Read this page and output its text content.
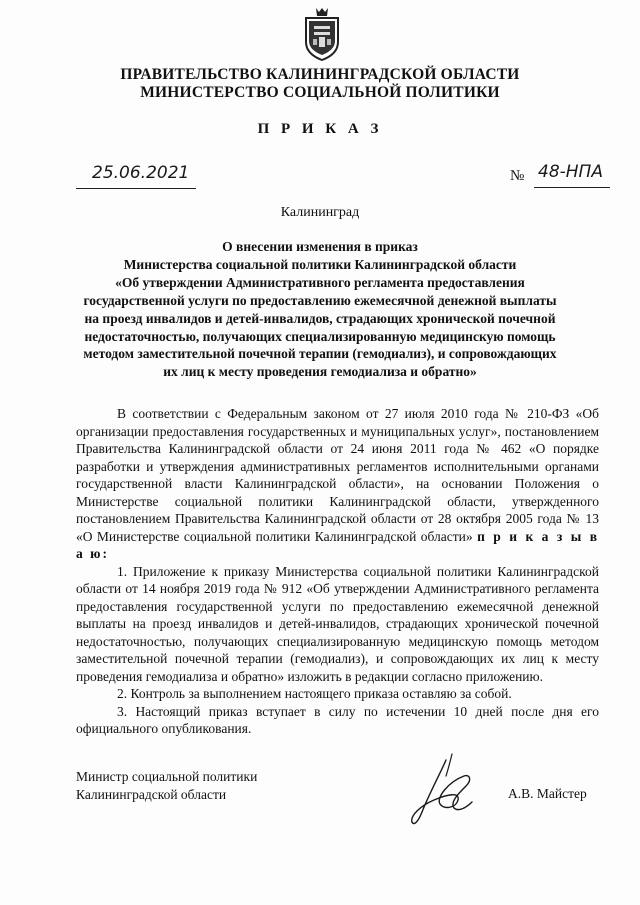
ПРАВИТЕЛЬСТВО КАЛИНИНГРАДСКОЙ ОБЛАСТИ
МИНИСТЕРСТВО СОЦИАЛЬНОЙ ПОЛИТИКИ
П Р И К А З
25.06.2021	№ 48-НПА
Калининград
О внесении изменения в приказ
Министерства социальной политики Калининградской области
«Об утверждении Административного регламента предоставления
государственной услуги по предоставлению ежемесячной денежной выплаты
на проезд инвалидов и детей-инвалидов, страдающих хронической почечной
недостаточностью, получающих специализированную медицинскую помощь
методом заместительной почечной терапии (гемодиализ), и сопровождающих
их лиц к месту проведения гемодиализа и обратно»

В соответствии с Федеральным законом от 27 июля 2010 года № 210-ФЗ «Об организации предоставления государственных и муниципальных услуг», постановлением Правительства Калининградской области от 24 июня 2011 года № 462 «О порядке разработки и утверждения административных регламентов исполнительными органами государственной власти Калининградской области», на основании Положения о Министерстве социальной политики Калининградской области, утвержденного постановлением Правительства Калининградской области от 28 октября 2005 года № 13 «О Министерстве социальной политики Калининградской области» п р и к а з ы в а ю:

1. Приложение к приказу Министерства социальной политики Калининградской области от 14 ноября 2019 года № 912 «Об утверждении Административного регламента предоставления государственной услуги по предоставлению ежемесячной денежной выплаты на проезд инвалидов и детей-инвалидов, страдающих хронической почечной недостаточностью, получающих специализированную медицинскую помощь методом заместительной почечной терапии (гемодиализ), и сопровождающих их лиц к месту проведения гемодиализа и обратно» изложить в редакции согласно приложению.

2. Контроль за выполнением настоящего приказа оставляю за собой.

3. Настоящий приказ вступает в силу по истечении 10 дней после дня его официального опубликования.

Министр социальной политики
Калининградской области	А.В. Майстер
